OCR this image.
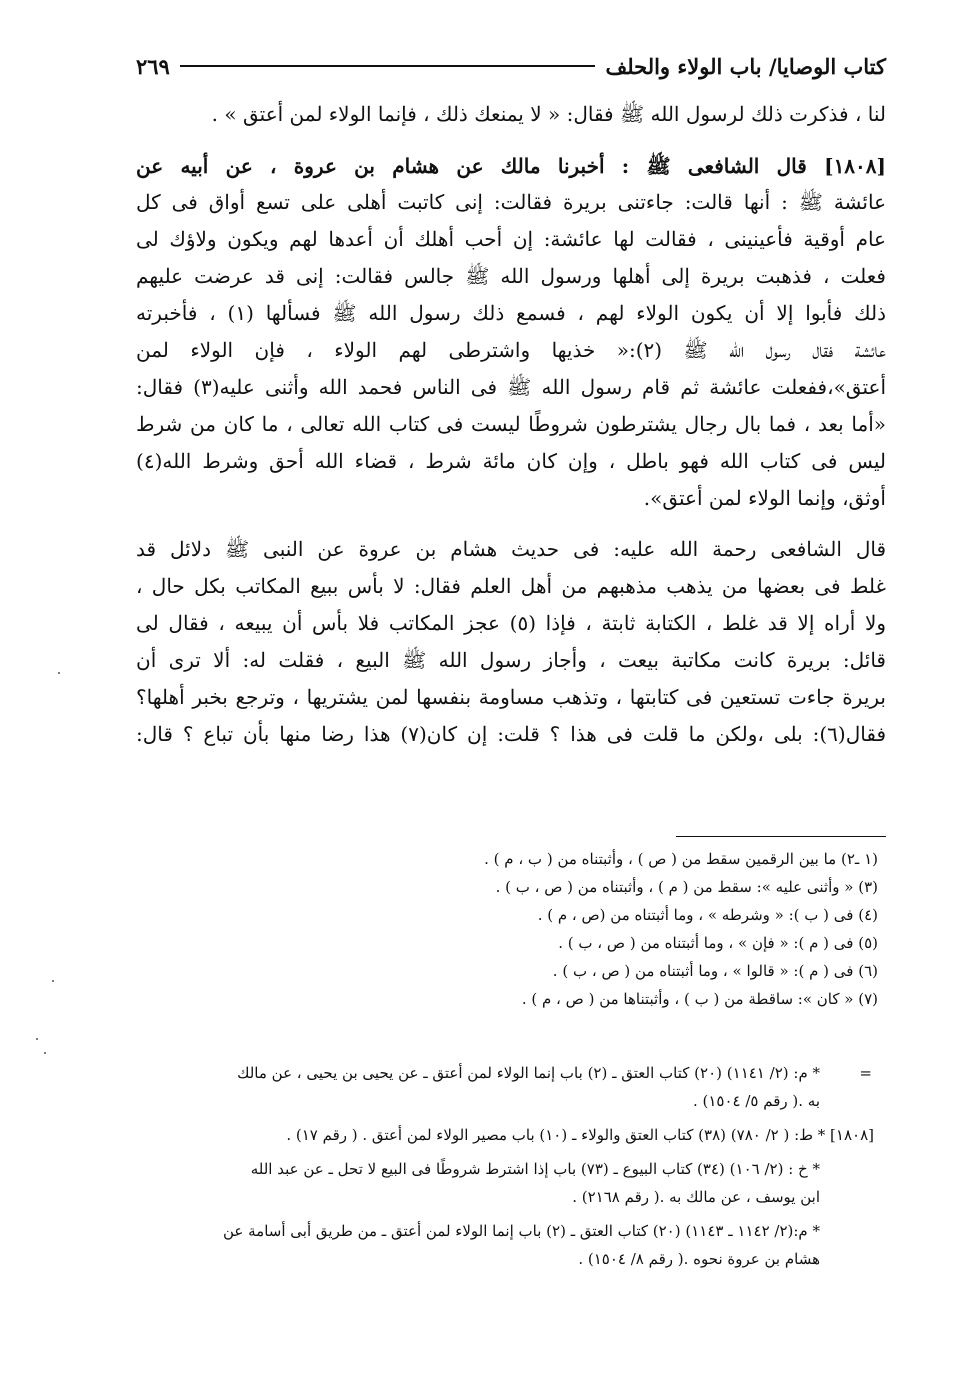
كتاب الوصايا/ باب الولاء والحلف
٢٦٩
لنا ، فذكرت ذلك لرسول الله ﷺ فقال: « لا يمنعك ذلك ، فإنما الولاء لمن أعتق » .
[١٨٠٨] قال الشافعى ﷺ : أخبرنا مالك عن هشام بن عروة ، عن أبيه عن
عائشة ﷺ : أنها قالت: جاءتنى بريرة فقالت: إنى كاتبت أهلى على تسع أواق فى كل
عام أوقية فأعينينى ، فقالت لها عائشة: إن أحب أهلك أن أعدها لهم ويكون ولاؤك لى
فعلت ، فذهبت بريرة إلى أهلها ورسول الله ﷺ جالس فقالت: إنى قد عرضت عليهم
ذلك فأبوا إلا أن يكون الولاء لهم ، فسمع ذلك رسول الله ﷺ فسألها (١) ، فأخبرته
عائشة فقال رسول الله ﷺ (٢):« خذيها واشترطى لهم الولاء ، فإن الولاء لمن
أعتق»،ففعلت عائشة ثم قام رسول الله ﷺ فى الناس فحمد الله وأثنى عليه(٣) فقال:
«أما بعد ، فما بال رجال يشترطون شروطًا ليست فى كتاب الله تعالى ، ما كان من شرط
ليس فى كتاب الله فهو باطل ، وإن كان مائة شرط ، قضاء الله أحق وشرط الله(٤)
أوثق، وإنما الولاء لمن أعتق».
قال الشافعى رحمة الله عليه: فى حديث هشام بن عروة عن النبى ﷺ دلائل قد
غلط فى بعضها من يذهب مذهبهم من أهل العلم فقال: لا بأس ببيع المكاتب بكل حال ،
ولا أراه إلا قد غلط ، الكتابة ثابتة ، فإذا (٥) عجز المكاتب فلا بأس أن يبيعه ، فقال لى
قائل: بريرة كانت مكاتبة بيعت ، وأجاز رسول الله ﷺ البيع ، فقلت له: ألا ترى أن
بريرة جاءت تستعين فى كتابتها ، وتذهب مساومة بنفسها لمن يشتريها ، وترجع بخبر أهلها؟
فقال(٦): بلى ،ولكن ما قلت فى هذا ؟ قلت: إن كان(٧) هذا رضا منها بأن تباع ؟ قال:
(١ ـ٢) ما بين الرقمين سقط من ( ص ) ، وأثبتناه من ( ب ، م ) .
(٣) « وأثنى عليه »: سقط من ( م ) ، وأثبتناه من ( ص ، ب ) .
(٤) فى ( ب ): « وشرطه » ، وما أثبتناه من (ص ، م ) .
(٥) فى ( م ): « فإن » ، وما أثبتناه من ( ص ، ب ) .
(٦) فى ( م ): « قالوا » ، وما أثبتناه من ( ص ، ب ) .
(٧) « كان »: ساقطة من ( ب ) ، وأثبتناها من ( ص ، م ) .
=
* م: (٢/ ١١٤١) (٢٠) كتاب العتق ـ (٢) باب إنما الولاء لمن أعتق ـ عن يحيى بن يحيى ، عن مالك
به .( رقم ٥/ ١٥٠٤) .
[١٨٠٨] * ط: ( ٢/ ٧٨٠) (٣٨) كتاب العتق والولاء ـ (١٠) باب مصير الولاء لمن أعتق . ( رقم ١٧) .
* خ : (٢/ ١٠٦) (٣٤) كتاب البيوع ـ (٧٣) باب إذا اشترط شروطًا فى البيع لا تحل ـ عن عبد الله
ابن يوسف ، عن مالك به .( رقم ٢١٦٨) .
* م:(٢/ ١١٤٢ ـ ١١٤٣) (٢٠) كتاب العتق ـ (٢) باب إنما الولاء لمن أعتق ـ من طريق أبى أسامة عن
هشام بن عروة نحوه .( رقم ٨/ ١٥٠٤) .
